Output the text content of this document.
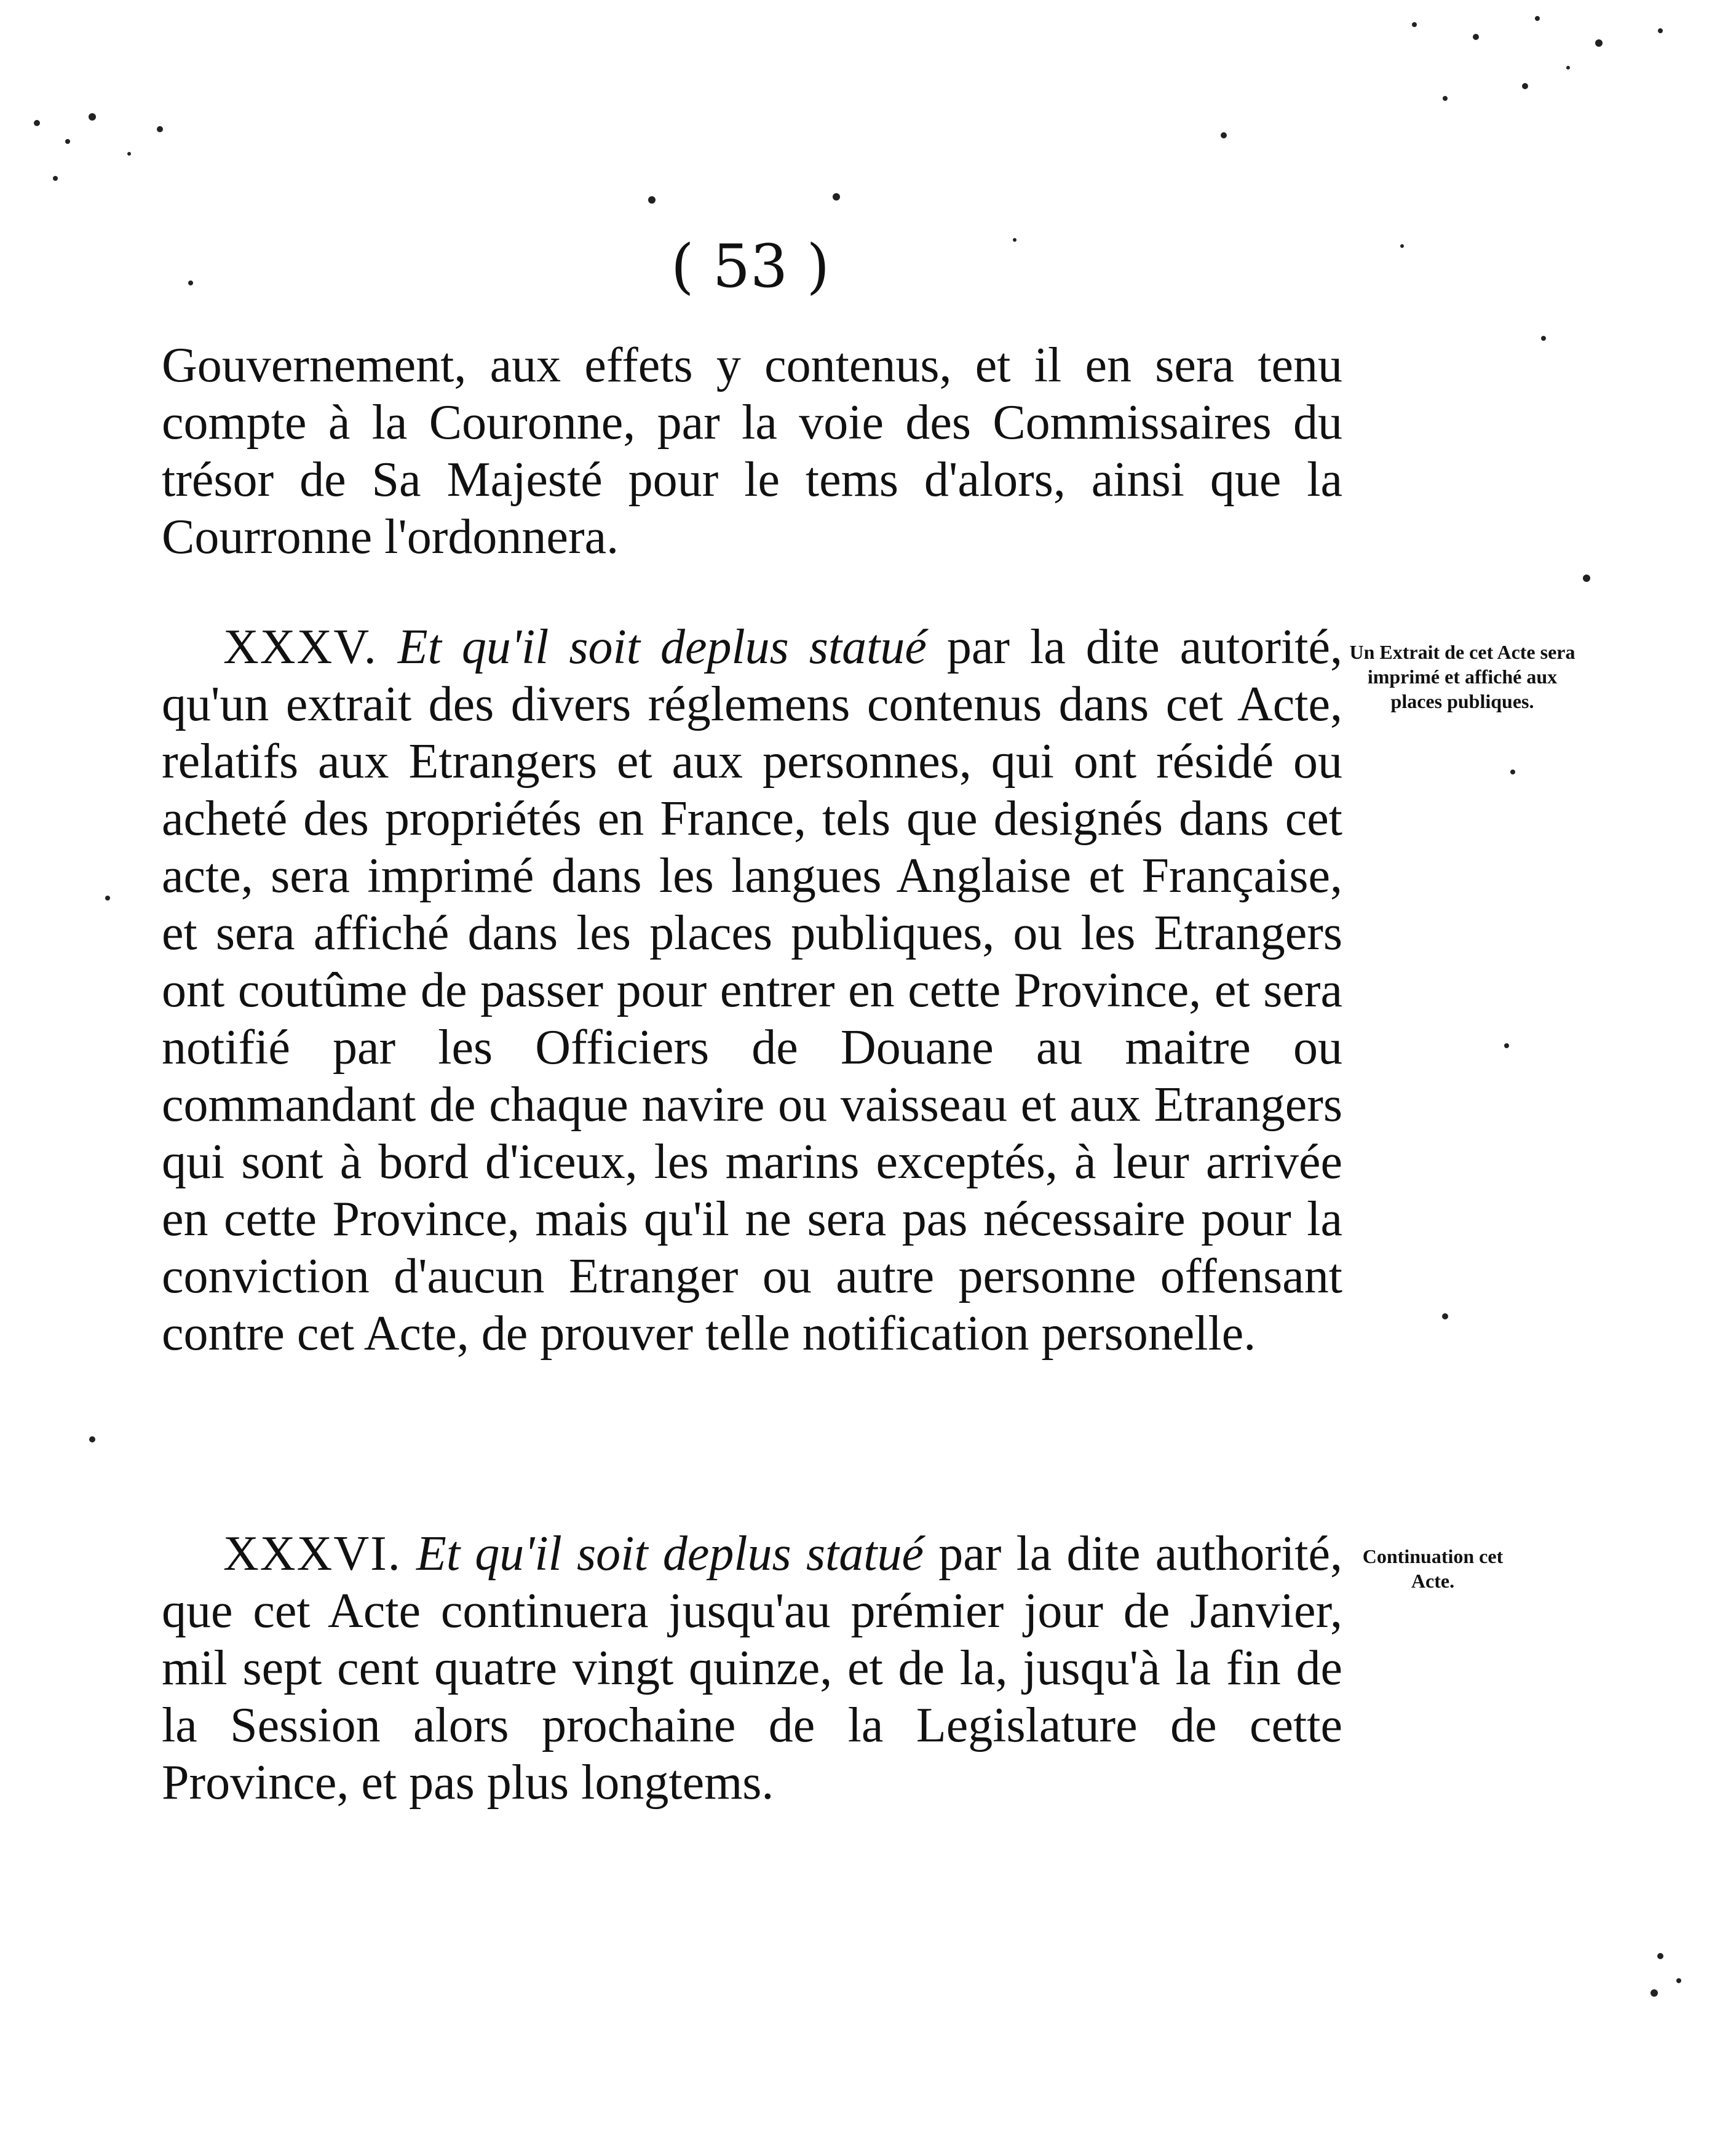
( 53 )
Gouvernement, aux effets y contenus, et il en sera tenu compte à la Couronne, par la voie des Commissaires du trésor de Sa Majesté pour le tems d'alors, ainsi que la Courronne l'ordonnera.
XXXV. Et qu'il soit deplus statué par la dite autorité, qu'un extrait des divers réglemens contenus dans cet Acte, relatifs aux Etrangers et aux personnes, qui ont résidé ou acheté des propriétés en France, tels que designés dans cet acte, sera imprimé dans les langues Anglaise et Française, et sera affiché dans les places publiques, ou les Etrangers ont coutûme de passer pour entrer en cette Province, et sera notifié par les Officiers de Douane au maitre ou commandant de chaque navire ou vaisseau et aux Etrangers qui sont à bord d'iceux, les marins exceptés, à leur arrivée en cette Province, mais qu'il ne sera pas nécessaire pour la conviction d'aucun Etranger ou autre personne offensant contre cet Acte, de prouver telle notification personelle.
XXXVI. Et qu'il soit deplus statué par la dite authorité, que cet Acte continuera jusqu'au prémier jour de Janvier, mil sept cent quatre vingt quinze, et de la, jusqu'à la fin de la Session alors prochaine de la Legislature de cette Province, et pas plus longtems.
Un Extrait de cet Acte sera imprimé et affiché aux places publiques.
Continuation cet Acte.
